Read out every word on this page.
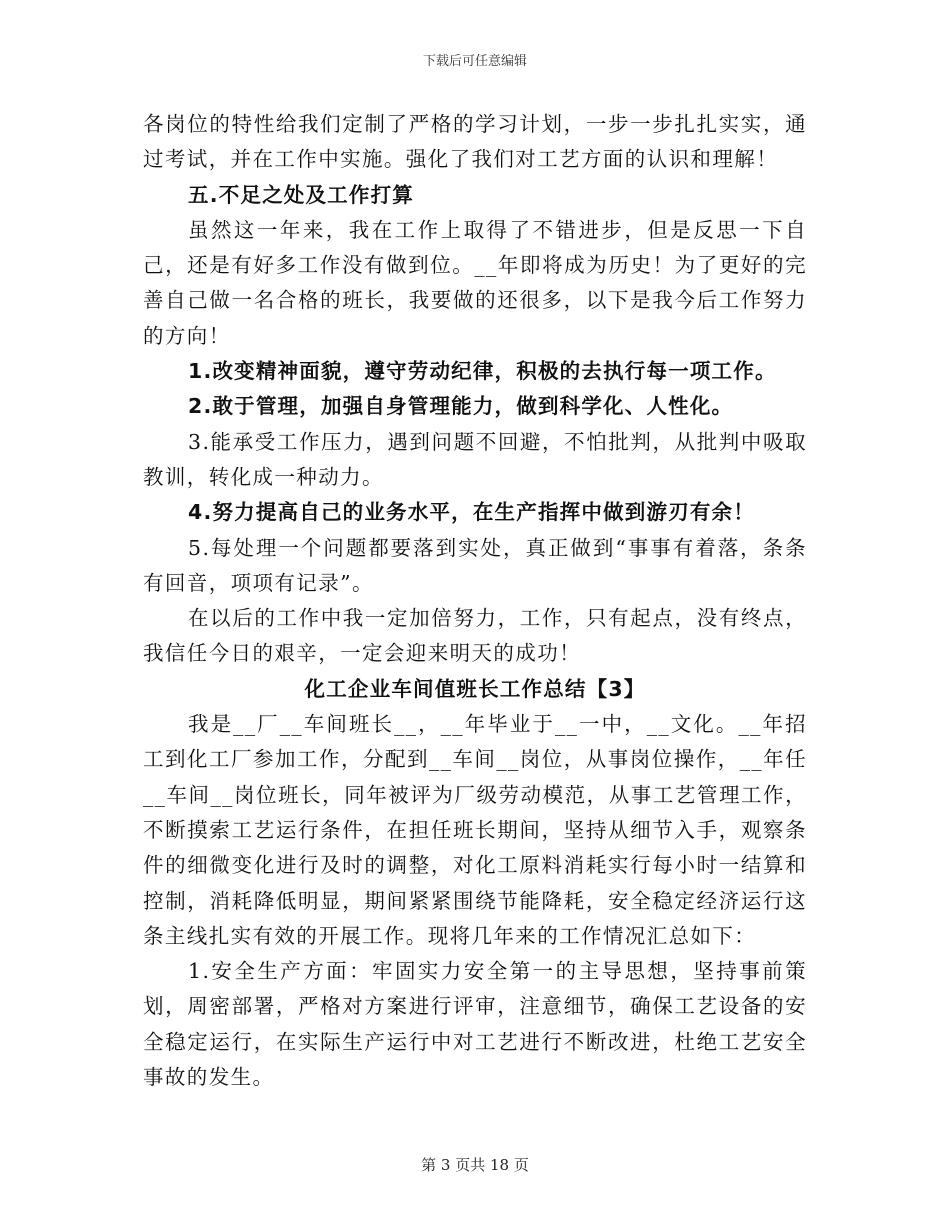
下载后可任意编辑

各岗位的特性给我们定制了严格的学习计划，一步一步扎扎实实，通过考试，并在工作中实施。强化了我们对工艺方面的认识和理解！

五.不足之处及工作打算

虽然这一年来，我在工作上取得了不错进步，但是反思一下自己，还是有好多工作没有做到位。__年即将成为历史！为了更好的完善自己做一名合格的班长，我要做的还很多，以下是我今后工作努力的方向！

1.改变精神面貌，遵守劳动纪律，积极的去执行每一项工作。

2.敢于管理，加强自身管理能力，做到科学化、人性化。

3.能承受工作压力，遇到问题不回避，不怕批判，从批判中吸取教训，转化成一种动力。

4.努力提高自己的业务水平，在生产指挥中做到游刃有余！

5.每处理一个问题都要落到实处，真正做到“事事有着落，条条有回音，项项有记录”。

在以后的工作中我一定加倍努力，工作，只有起点，没有终点，我信任今日的艰辛，一定会迎来明天的成功！

化工企业车间值班长工作总结【3】

我是__厂__车间班长__，__年毕业于__一中，__文化。__年招工到化工厂参加工作，分配到__车间__岗位，从事岗位操作，__年任__车间__岗位班长，同年被评为厂级劳动模范，从事工艺管理工作，不断摸索工艺运行条件，在担任班长期间，坚持从细节入手，观察条件的细微变化进行及时的调整，对化工原料消耗实行每小时一结算和控制，消耗降低明显，期间紧紧围绕节能降耗，安全稳定经济运行这条主线扎实有效的开展工作。现将几年来的工作情况汇总如下：

1.安全生产方面：牢固实力安全第一的主导思想，坚持事前策划，周密部署，严格对方案进行评审，注意细节，确保工艺设备的安全稳定运行，在实际生产运行中对工艺进行不断改进，杜绝工艺安全事故的发生。

第 3 页共 18 页
